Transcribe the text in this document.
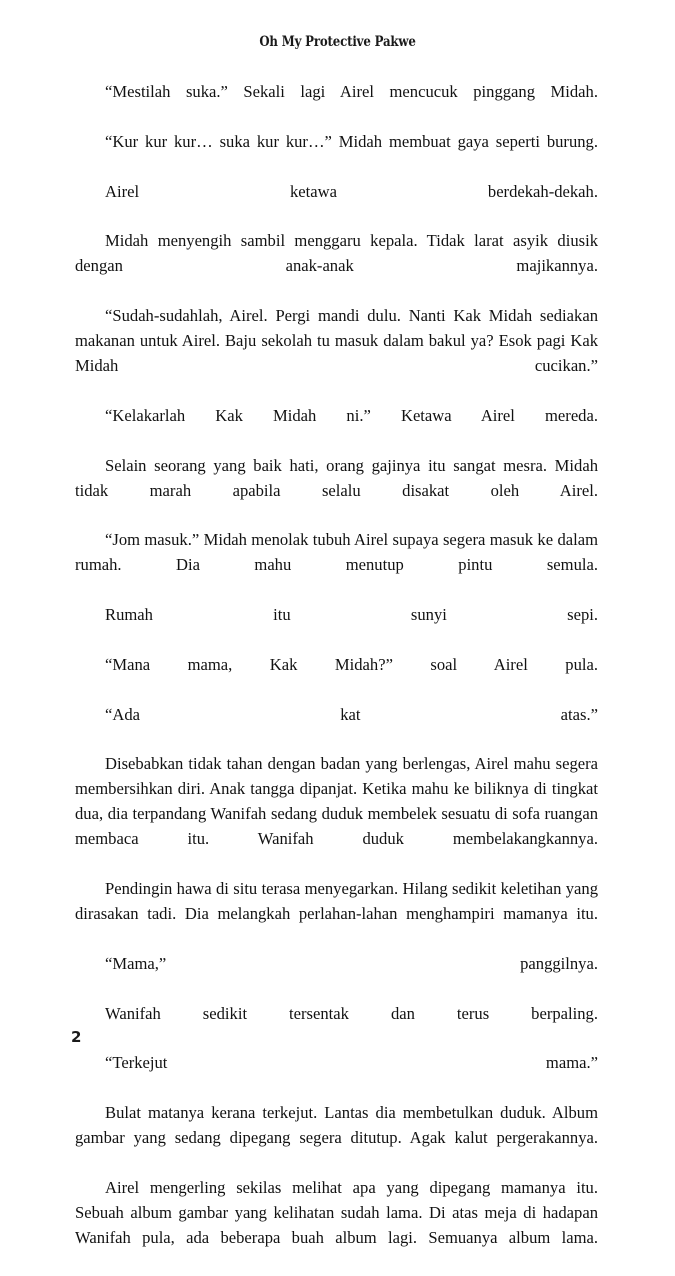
Oh My Protective Pakwe

“Mestilah suka.” Sekali lagi Airel mencucuk pinggang Midah.

“Kur kur kur… suka kur kur…” Midah membuat gaya seperti burung.

Airel ketawa berdekah-dekah.

Midah menyengih sambil menggaru kepala. Tidak larat asyik diusik dengan anak-anak majikannya.

“Sudah-sudahlah, Airel. Pergi mandi dulu. Nanti Kak Midah sediakan makanan untuk Airel. Baju sekolah tu masuk dalam bakul ya? Esok pagi Kak Midah cucikan.”

“Kelakarlah Kak Midah ni.” Ketawa Airel mereda.

Selain seorang yang baik hati, orang gajinya itu sangat mesra. Midah tidak marah apabila selalu disakat oleh Airel.

“Jom masuk.” Midah menolak tubuh Airel supaya segera masuk ke dalam rumah. Dia mahu menutup pintu semula.

Rumah itu sunyi sepi.

“Mana mama, Kak Midah?” soal Airel pula.

“Ada kat atas.”

Disebabkan tidak tahan dengan badan yang berlengas, Airel mahu segera membersihkan diri. Anak tangga dipanjat. Ketika mahu ke biliknya di tingkat dua, dia terpandang Wanifah sedang duduk membelek sesuatu di sofa ruangan membaca itu. Wanifah duduk membelakangkannya.

Pendingin hawa di situ terasa menyegarkan. Hilang sedikit keletihan yang dirasakan tadi. Dia melangkah perlahan-lahan menghampiri mamanya itu.

“Mama,” panggilnya.

Wanifah sedikit tersentak dan terus berpaling.

“Terkejut mama.”

Bulat matanya kerana terkejut. Lantas dia membetulkan duduk. Album gambar yang sedang dipegang segera ditutup. Agak kalut pergerakannya.

Airel mengerling sekilas melihat apa yang dipegang mamanya itu. Sebuah album gambar yang kelihatan sudah lama. Di atas meja di hadapan Wanifah pula, ada beberapa buah album lagi. Semuanya album lama.

2
